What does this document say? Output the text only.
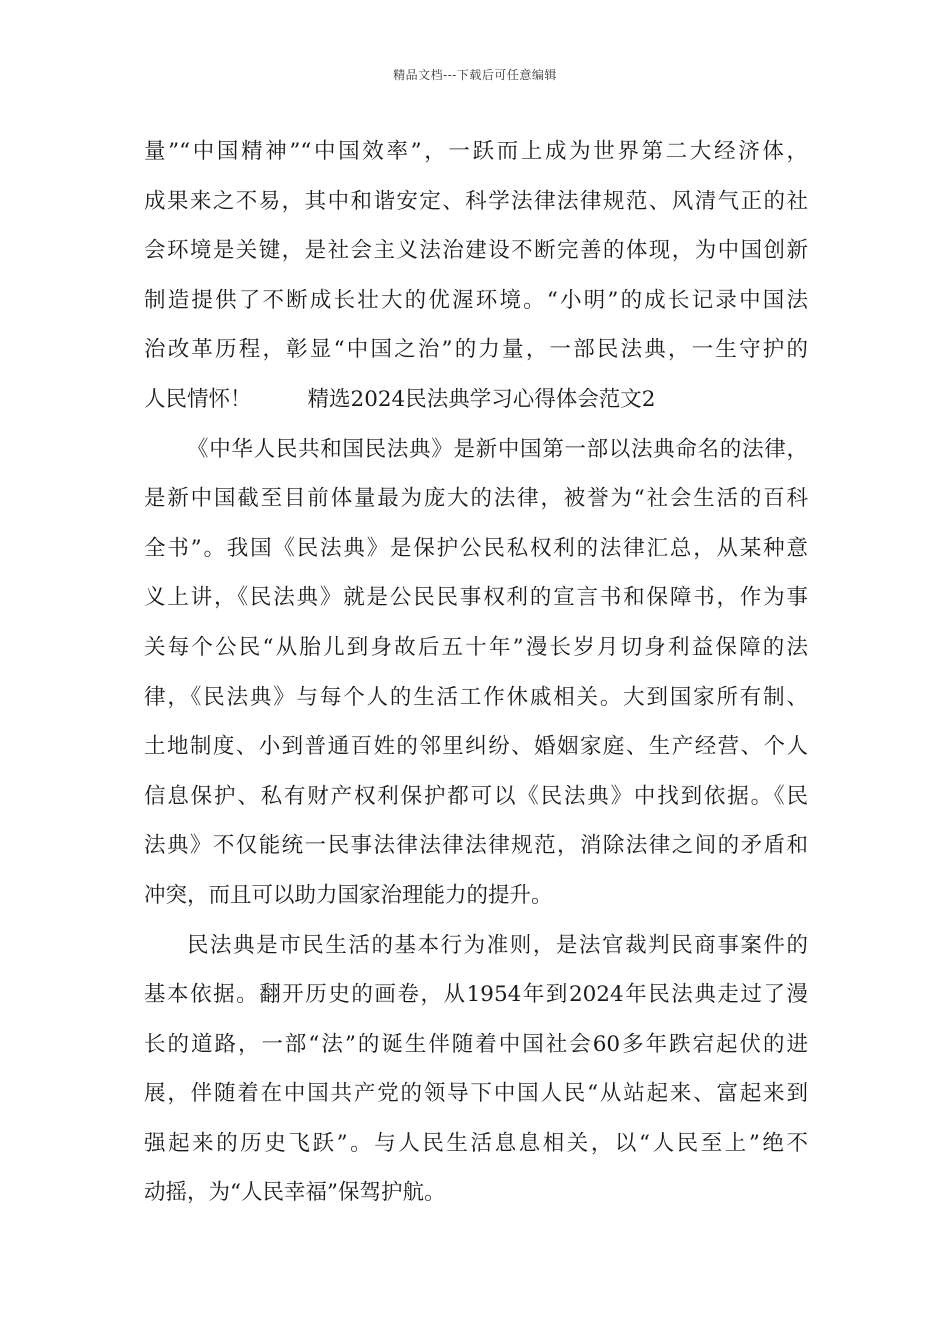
精品文档---下载后可任意编辑
量”“中国精神”“中国效率”，一跃而上成为世界第二大经济体，
成果来之不易，其中和谐安定、科学法律法律规范、风清气正的社
会环境是关键，是社会主义法治建设不断完善的体现，为中国创新
制造提供了不断成长壮大的优渥环境。“小明”的成长记录中国法
治改革历程，彰显“中国之治”的力量，一部民法典，一生守护的
人民情怀！	精选2024民法典学习心得体会范文2
《中华人民共和国民法典》是新中国第一部以法典命名的法律，
是新中国截至目前体量最为庞大的法律，被誉为“社会生活的百科
全书”。我国《民法典》是保护公民私权利的法律汇总，从某种意
义上讲，《民法典》就是公民民事权利的宣言书和保障书，作为事
关每个公民“从胎儿到身故后五十年”漫长岁月切身利益保障的法
律，《民法典》与每个人的生活工作休戚相关。大到国家所有制、
土地制度、小到普通百姓的邻里纠纷、婚姻家庭、生产经营、个人
信息保护、私有财产权利保护都可以《民法典》中找到依据。《民
法典》不仅能统一民事法律法律法律规范，消除法律之间的矛盾和
冲突，而且可以助力国家治理能力的提升。
民法典是市民生活的基本行为准则，是法官裁判民商事案件的
基本依据。翻开历史的画卷，从1954年到2024年民法典走过了漫
长的道路，一部“法”的诞生伴随着中国社会60多年跌宕起伏的进
展，伴随着在中国共产党的领导下中国人民“从站起来、富起来到
强起来的历史飞跃”。与人民生活息息相关，以“人民至上”绝不
动摇，为“人民幸福”保驾护航。
